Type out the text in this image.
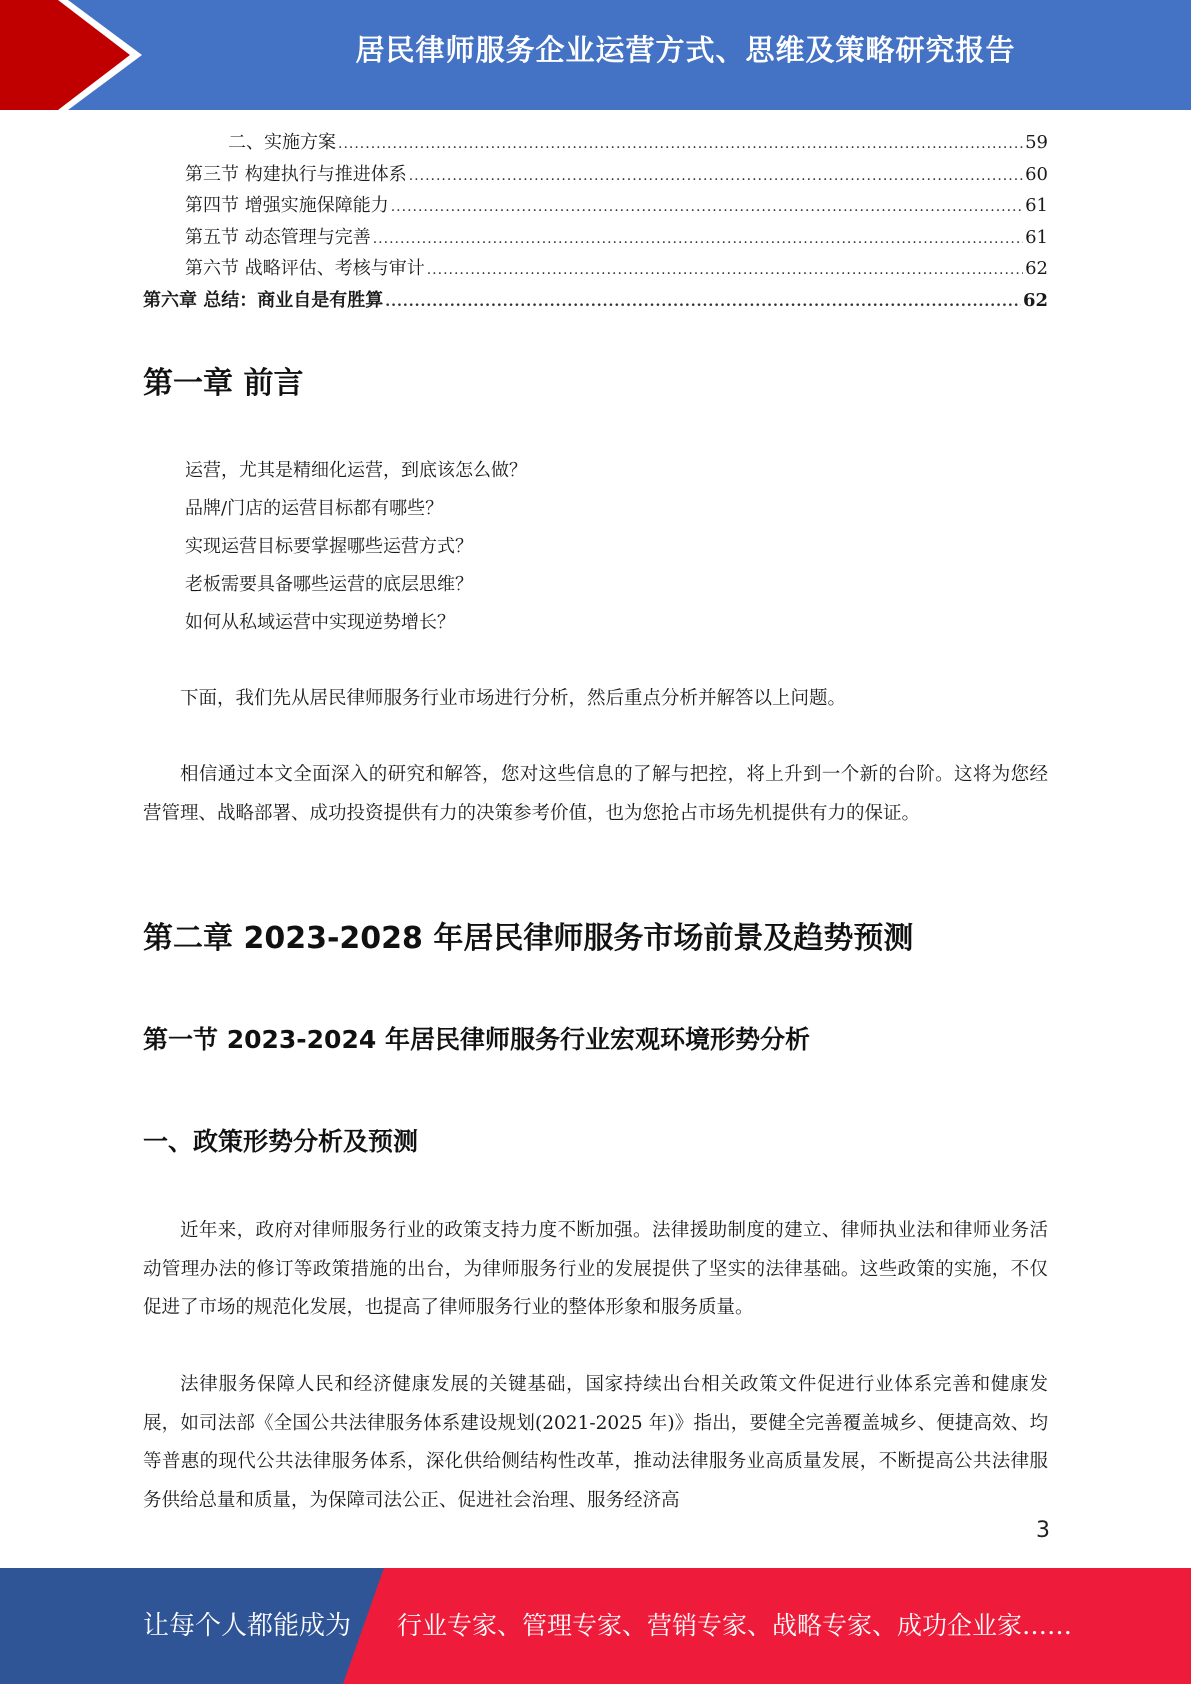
居民律师服务企业运营方式、思维及策略研究报告
二、实施方案 .....	59
第三节 构建执行与推进体系 .....	60
第四节 增强实施保障能力 .....	61
第五节 动态管理与完善 .....	61
第六节 战略评估、考核与审计 .....	62
第六章 总结：商业自是有胜算 .....	62
第一章 前言
运营，尤其是精细化运营，到底该怎么做？
品牌/门店的运营目标都有哪些？
实现运营目标要掌握哪些运营方式？
老板需要具备哪些运营的底层思维？
如何从私域运营中实现逆势增长？

下面，我们先从居民律师服务行业市场进行分析，然后重点分析并解答以上问题。

相信通过本文全面深入的研究和解答，您对这些信息的了解与把控，将上升到一个新的台阶。这将为您经营管理、战略部署、成功投资提供有力的决策参考价值，也为您抢占市场先机提供有力的保证。

第二章 2023-2028 年居民律师服务市场前景及趋势预测
第一节 2023-2024 年居民律师服务行业宏观环境形势分析
一、政策形势分析及预测

近年来，政府对律师服务行业的政策支持力度不断加强。法律援助制度的建立、律师执业法和律师业务活动管理办法的修订等政策措施的出台，为律师服务行业的发展提供了坚实的法律基础。这些政策的实施，不仅促进了市场的规范化发展，也提高了律师服务行业的整体形象和服务质量。

法律服务保障人民和经济健康发展的关键基础，国家持续出台相关政策文件促进行业体系完善和健康发展，如司法部《全国公共法律服务体系建设规划(2021-2025 年)》指出，要健全完善覆盖城乡、便捷高效、均等普惠的现代公共法律服务体系，深化供给侧结构性改革，推动法律服务业高质量发展，不断提高公共法律服务供给总量和质量，为保障司法公正、促进社会治理、服务经济高

3
让每个人都能成为 行业专家、管理专家、营销专家、战略专家、成功企业家……
